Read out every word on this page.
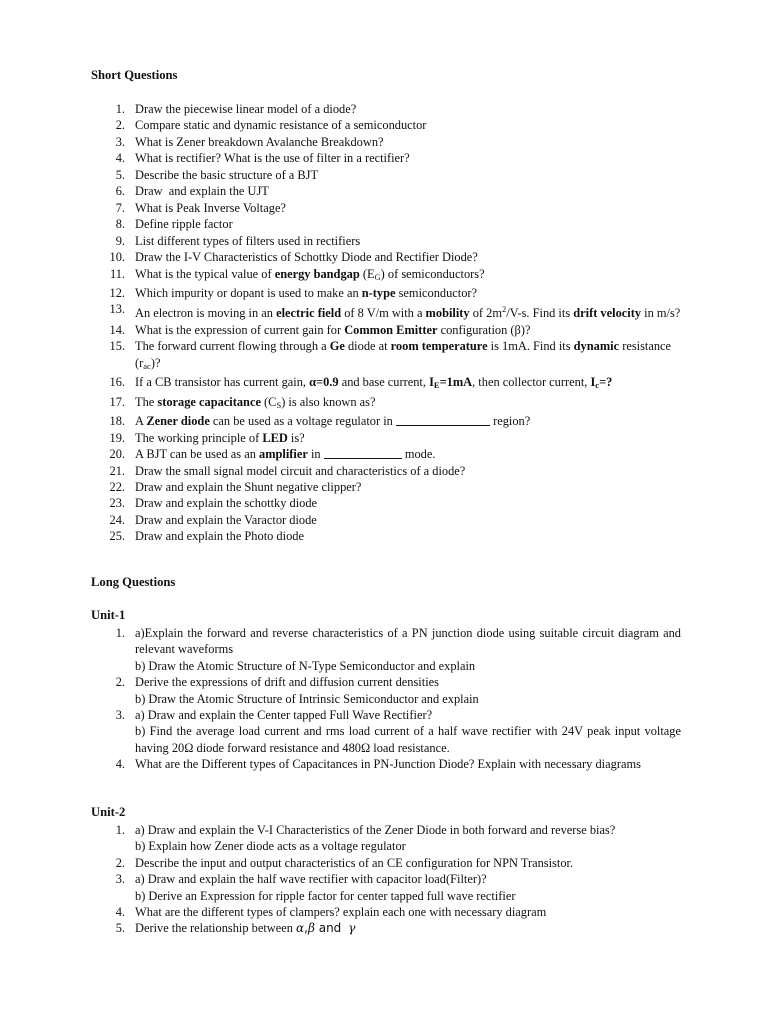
Short Questions
1. Draw the piecewise linear model of a diode?
2. Compare static and dynamic resistance of a semiconductor
3. What is Zener breakdown Avalanche Breakdown?
4. What is rectifier? What is the use of filter in a rectifier?
5. Describe the basic structure of a BJT
6. Draw  and explain the UJT
7. What is Peak Inverse Voltage?
8. Define ripple factor
9. List different types of filters used in rectifiers
10. Draw the I-V Characteristics of Schottky Diode and Rectifier Diode?
11. What is the typical value of energy bandgap $(E_G)$ of semiconductors?
12. Which impurity or dopant is used to make an n-type semiconductor?
13. An electron is moving in an electric field of 8 V/m with a mobility of $2m^2/V-s$. Find its drift velocity in m/s?
14. What is the expression of current gain for Common Emitter configuration (β)?
15. The forward current flowing through a Ge diode at room temperature is 1mA. Find its dynamic resistance $(r_{ac})$?
16. If a CB transistor has current gain, α=0.9 and base current, $I_E=1mA$, then collector current, $I_c=$?
17. The storage capacitance $(C_S)$ is also known as?
18. A Zener diode can be used as a voltage regulator in	region?
19. The working principle of LED is?
20. A BJT can be used as an amplifier in	mode.
21. Draw the small signal model circuit and characteristics of a diode?
22. Draw and explain the Shunt negative clipper?
23. Draw and explain the schottky diode
24. Draw and explain the Varactor diode
25. Draw and explain the Photo diode
Long Questions
Unit-1
1. a)Explain the forward and reverse characteristics of a PN junction diode using suitable circuit diagram and relevant waveforms
b) Draw the Atomic Structure of N-Type Semiconductor and explain
2. Derive the expressions of drift and diffusion current densities
b) Draw the Atomic Structure of Intrinsic Semiconductor and explain
3. a) Draw and explain the Center tapped Full Wave Rectifier?
b) Find the average load current and rms load current of a half wave rectifier with 24V peak input voltage having 20Ω diode forward resistance and 480Ω load resistance.
4. What are the Different types of Capacitances in PN-Junction Diode? Explain with necessary diagrams
Unit-2
1. a) Draw and explain the V-I Characteristics of the Zener Diode in both forward and reverse bias?
b) Explain how Zener diode acts as a voltage regulator
2. Describe the input and output characteristics of an CE configuration for NPN Transistor.
3. a) Draw and explain the half wave rectifier with capacitor load(Filter)?
b) Derive an Expression for ripple factor for center tapped full wave rectifier
4. What are the different types of clampers? explain each one with necessary diagram
5. Derive the relationship between α,β and  γ
